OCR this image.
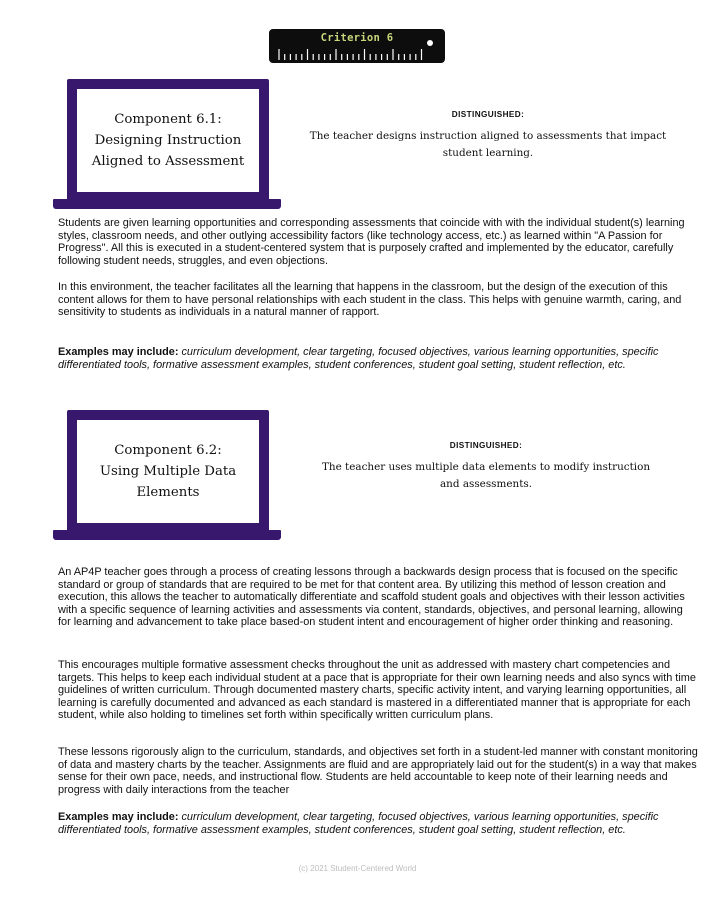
Criterion 6
Component 6.1:
Designing Instruction
Aligned to Assessment
DISTINGUISHED:
The teacher designs instruction aligned to assessments that impact student learning.

Students are given learning opportunities and corresponding assessments that coincide with with the individual student(s) learning styles, classroom needs, and other outlying accessibility factors (like technology access, etc.) as learned within "A Passion for Progress". All this is executed in a student-centered system that is purposely crafted and implemented by the educator, carefully following student needs, struggles, and even objections.

In this environment, the teacher facilitates all the learning that happens in the classroom, but the design of the execution of this content allows for them to have personal relationships with each student in the class. This helps with genuine warmth, caring, and sensitivity to students as individuals in a natural manner of rapport.

Examples may include: curriculum development, clear targeting, focused objectives, various learning opportunities, specific differentiated tools, formative assessment examples, student conferences, student goal setting, student reflection, etc.

Component 6.2:
Using Multiple Data
Elements
DISTINGUISHED:
The teacher uses multiple data elements to modify instruction and assessments.

An AP4P teacher goes through a process of creating lessons through a backwards design process that is focused on the specific standard or group of standards that are required to be met for that content area. By utilizing this method of lesson creation and execution, this allows the teacher to automatically differentiate and scaffold student goals and objectives with their lesson activities with a specific sequence of learning activities and assessments via content, standards, objectives, and personal learning, allowing for learning and advancement to take place based-on student intent and encouragement of higher order thinking and reasoning.

This encourages multiple formative assessment checks throughout the unit as addressed with mastery chart competencies and targets. This helps to keep each individual student at a pace that is appropriate for their own learning needs and also syncs with time guidelines of written curriculum. Through documented mastery charts, specific activity intent, and varying learning opportunities, all learning is carefully documented and advanced as each standard is mastered in a differentiated manner that is appropriate for each student, while also holding to timelines set forth within specifically written curriculum plans.

These lessons rigorously align to the curriculum, standards, and objectives set forth in a student-led manner with constant monitoring of data and mastery charts by the teacher. Assignments are fluid and are appropriately laid out for the student(s) in a way that makes sense for their own pace, needs, and instructional flow. Students are held accountable to keep note of their learning needs and progress with daily interactions from the teacher

Examples may include: curriculum development, clear targeting, focused objectives, various learning opportunities, specific differentiated tools, formative assessment examples, student conferences, student goal setting, student reflection, etc.

(c) 2021 Student-Centered World
